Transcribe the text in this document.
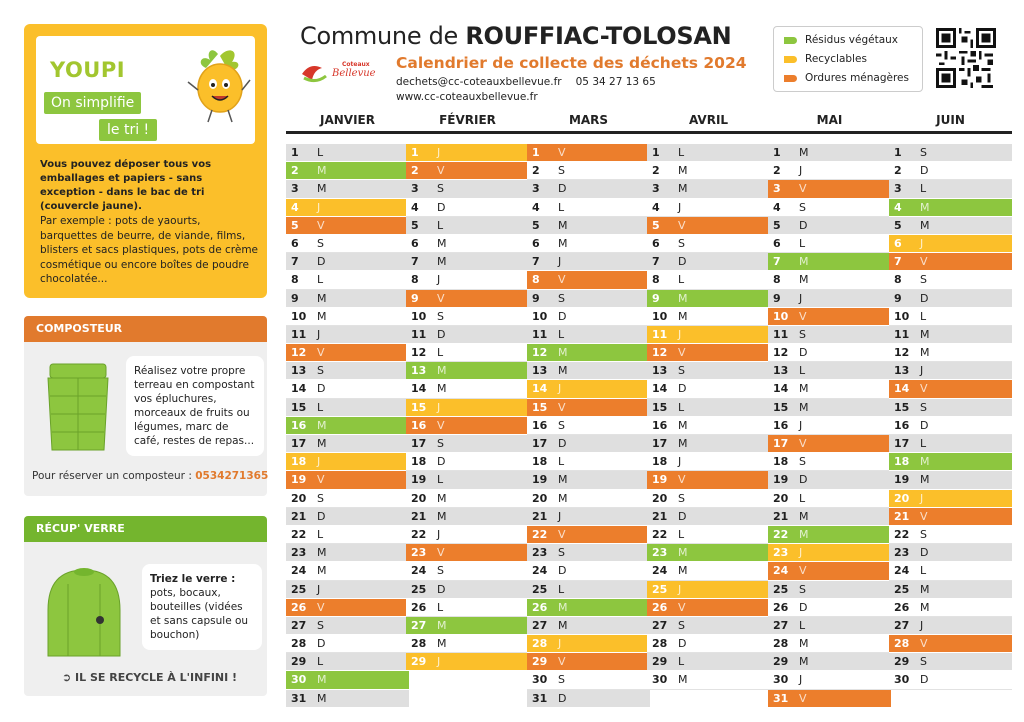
YOUPI
On simplifie
le tri !
Vous pouvez déposer tous vos emballages et papiers - sans exception - dans le bac de tri (couvercle jaune).
Par exemple : pots de yaourts, barquettes de beurre, de viande, films, blisters et sacs plastiques, pots de crème cosmétique ou encore boîtes de poudre chocolatée...
COMPOSTEUR
Réalisez votre propre terreau en compostant vos épluchures, morceaux de fruits ou légumes, marc de café, restes de repas...
Pour réserver un composteur : 0534271365
RÉCUP' VERRE
Triez le verre :
pots, bocaux, bouteilles (vidées et sans capsule ou bouchon)
➲ IL SE RECYCLE À L'INFINI !
Commune de ROUFFIAC-TOLOSAN
Coteaux
Bellevue
Calendrier de collecte des déchets 2024
dechets@cc-coteauxbellevue.fr 05 34 27 13 65
www.cc-coteauxbellevue.fr
Résidus végétaux
Recyclables
Ordures ménagères
JANVIER
1	L
2	M
3	M
4	J
5	V
6	S
7	D
8	L
9	M
10 M
11 J
12 V
13 S
14 D
15 L
16 M
17 M
18 J
19 V
20 S
21 D
22 L
23 M
24 M
25 J
26 V
27 S
28 D
29 L
30 M
31 M
FÉVRIER
1	J
2	V
3	S
4	D
5	L
6	M
7	M
8	J
9	V
10 S
11 D
12 L
13 M
14 M
15 J
16 V
17 S
18 D
19 L
20 M
21 M
22 J
23 V
24 S
25 D
26 L
27 M
28 M
29 J
MARS
1	V
2	S
3	D
4	L
5	M
6	M
7	J
8	V
9	S
10 D
11 L
12 M
13 M
14 J
15 V
16 S
17 D
18 L
19 M
20 M
21 J
22 V
23 S
24 D
25 L
26 M
27 M
28 J
29 V
30 S
31 D
AVRIL
1	L
2	M
3	M
4	J
5	V
6	S
7	D
8	L
9	M
10 M
11 J
12 V
13 S
14 D
15 L
16 M
17 M
18 J
19 V
20 S
21 D
22 L
23 M
24 M
25 J
26 V
27 S
28 D
29 L
30 M
MAI
1	M
2	J
3	V
4	S
5	D
6	L
7	M
8	M
9	J
10 V
11 S
12 D
13 L
14 M
15 M
16 J
17 V
18 S
19 D
20 L
21 M
22 M
23 J
24 V
25 S
26 D
27 L
28 M
29 M
30 J
31 V
JUIN
1	S
2	D
3	L
4	M
5	M
6	J
7	V
8	S
9	D
10 L
11 M
12 M
13 J
14 V
15 S
16 D
17 L
18 M
19 M
20 J
21 V
22 S
23 D
24 L
25 M
26 M
27 J
28 V
29 S
30 D
